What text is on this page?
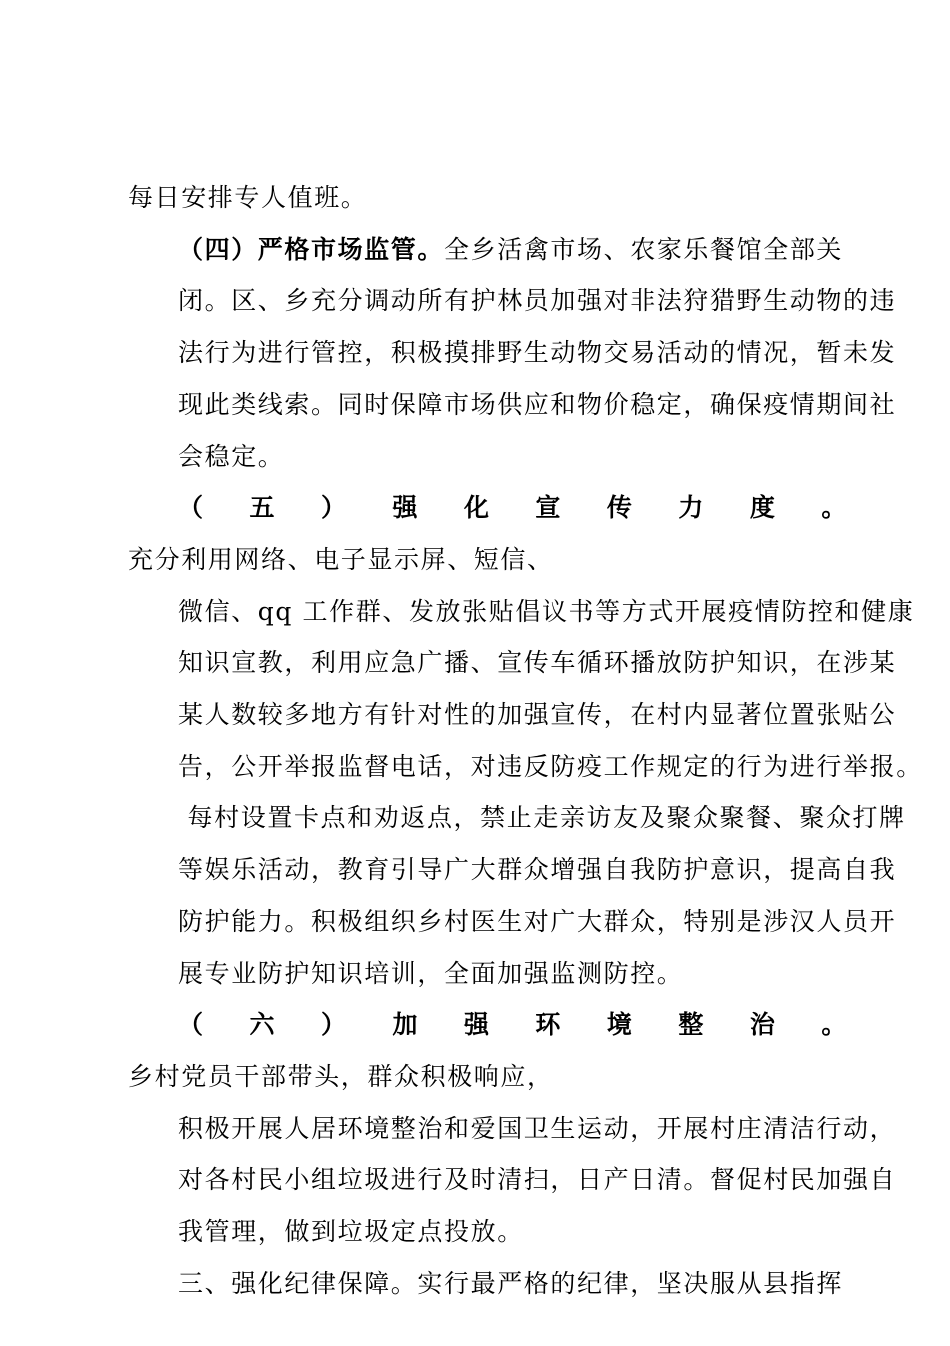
每日安排专人值班。

（四）严格市场监管。全乡活禽市场、农家乐餐馆全部关
闭。区、乡充分调动所有护林员加强对非法狩猎野生动物的违
法行为进行管控，积极摸排野生动物交易活动的情况，暂未发
现此类线索。同时保障市场供应和物价稳定，确保疫情期间社
会稳定。

（五）强化宣传力度。充分利用网络、电子显示屏、短信、
微信、qq 工作群、发放张贴倡议书等方式开展疫情防控和健康
知识宣教，利用应急广播、宣传车循环播放防护知识，在涉某
某人数较多地方有针对性的加强宣传，在村内显著位置张贴公
告，公开举报监督电话，对违反防疫工作规定的行为进行举报。
每村设置卡点和劝返点，禁止走亲访友及聚众聚餐、聚众打牌
等娱乐活动，教育引导广大群众增强自我防护意识，提高自我
防护能力。积极组织乡村医生对广大群众，特别是涉汉人员开
展专业防护知识培训，全面加强监测防控。

（六）加强环境整治。乡村党员干部带头，群众积极响应，
积极开展人居环境整治和爱国卫生运动，开展村庄清洁行动，
对各村民小组垃圾进行及时清扫，日产日清。督促村民加强自
我管理，做到垃圾定点投放。

三、强化纪律保障。实行最严格的纪律，坚决服从县指挥
